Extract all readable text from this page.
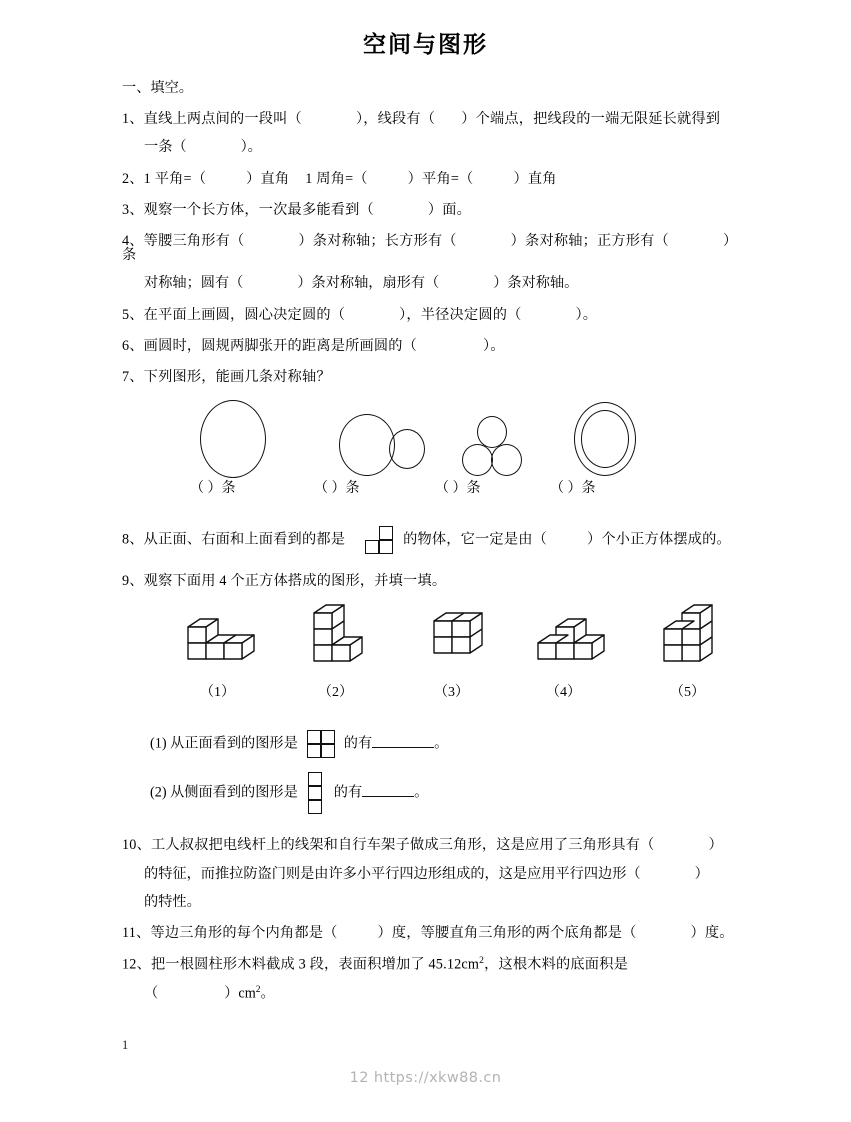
空间与图形
一、填空。
1、直线上两点间的一段叫（	），线段有（ ）个端点，把线段的一端无限延长就得到
一条（	）。
2、1 平角=（	）直角 1 周角=（	）平角=（	）直角
3、观察一个长方体，一次最多能看到（	）面。
4、等腰三角形有（	）条对称轴；长方形有（	）条对称轴；正方形有（	）条
对称轴；圆有（	）条对称轴，扇形有（	）条对称轴。
5、在平面上画圆，圆心决定圆的（	），半径决定圆的（	）。
6、画圆时，圆规两脚张开的距离是所画圆的（	）。
7、下列图形，能画几条对称轴？
（ ）条	（ ）条	（ ）条	（ ）条
8、从正面、右面和上面看到的都是	的物体，它一定是由（	）个小正方体摆成的。
9、观察下面用 4 个正方体搭成的图形，并填一填。
（1）	（2）	（3）	（4）	（5）
(1) 从正面看到的图形是	的有	。
(2) 从侧面看到的图形是	的有	。
10、工人叔叔把电线杆上的线架和自行车架子做成三角形，这是应用了三角形具有（	）
的特征，而推拉防盗门则是由许多小平行四边形组成的，这是应用平行四边形（	）
的特性。
11、等边三角形的每个内角都是（	）度，等腰直角三角形的两个底角都是（	）度。
12、把一根圆柱形木料截成 3 段，表面积增加了 $45.12cm^2$，这根木料的底面积是
（	）$cm^2$。
1
12 https://xkw88.cn
